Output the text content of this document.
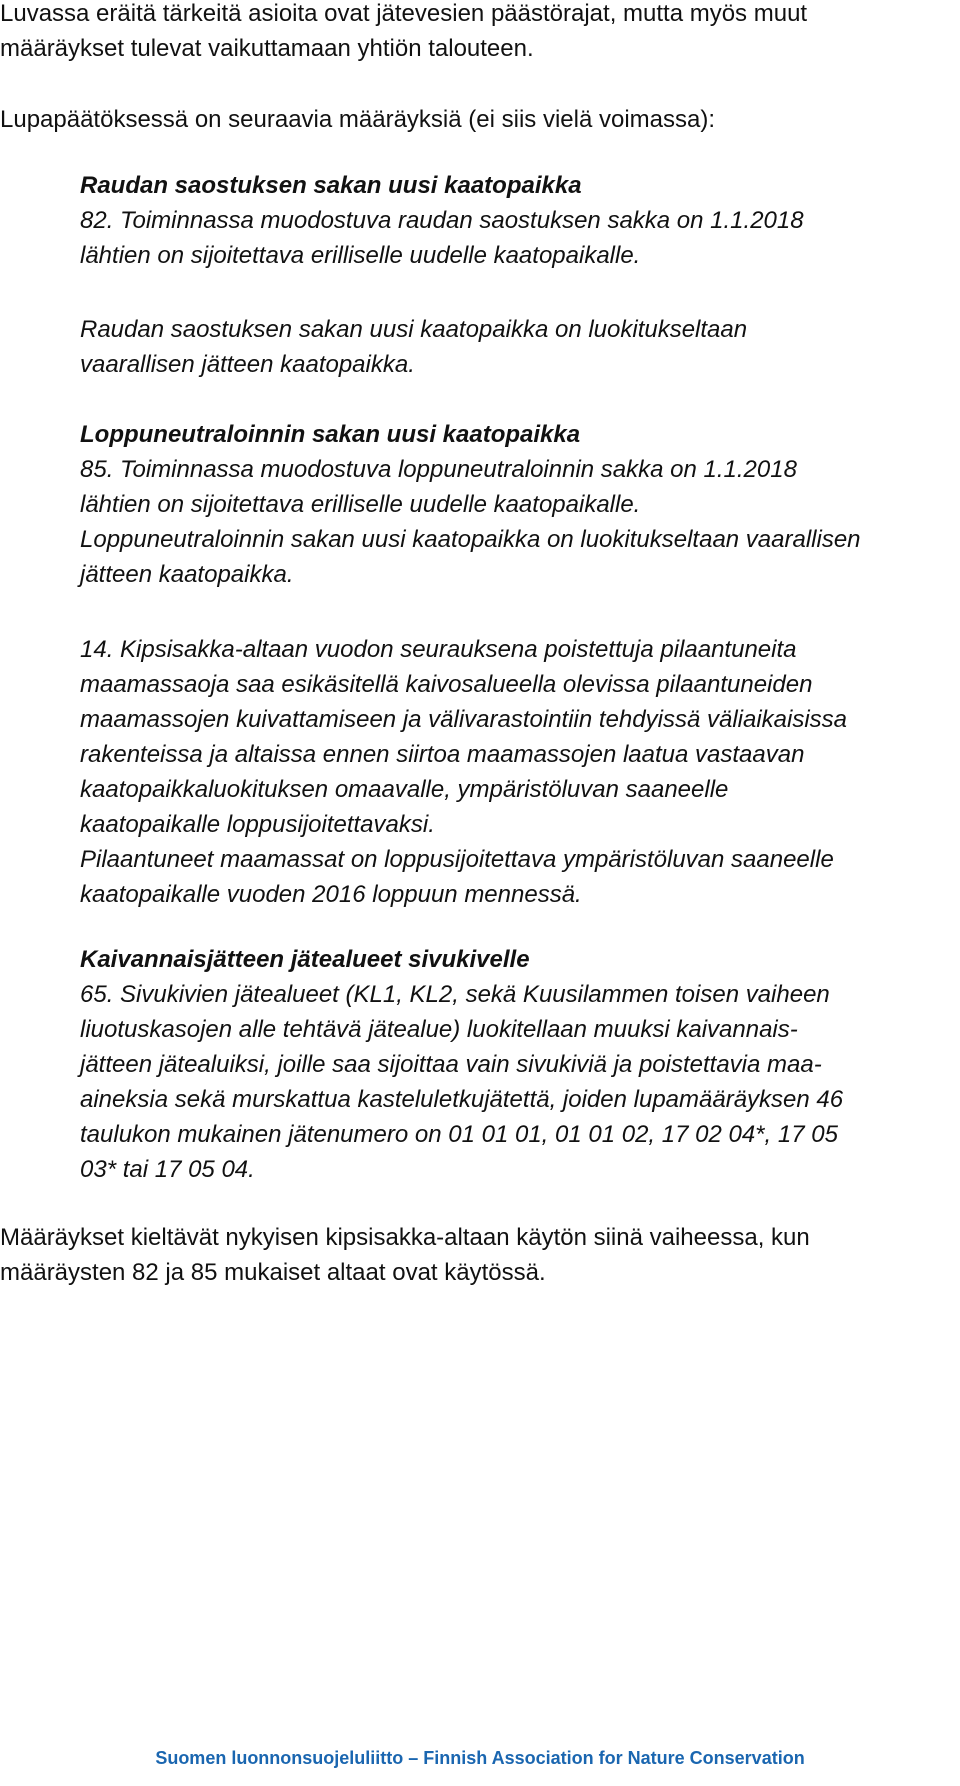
Luvassa eräitä tärkeitä asioita ovat jätevesien päästörajat, mutta myös muut
määräykset tulevat vaikuttamaan yhtiön talouteen.

Lupapäätöksessä on seuraavia määräyksiä (ei siis vielä voimassa):

Raudan saostuksen sakan uusi kaatopaikka
82. Toiminnassa muodostuva raudan saostuksen sakka on 1.1.2018
lähtien on sijoitettava erilliselle uudelle kaatopaikalle.
Raudan saostuksen sakan uusi kaatopaikka on luokitukseltaan
vaarallisen jätteen kaatopaikka.
Loppuneutraloinnin sakan uusi kaatopaikka
85. Toiminnassa muodostuva loppuneutraloinnin sakka on 1.1.2018
lähtien on sijoitettava erilliselle uudelle kaatopaikalle.
Loppuneutraloinnin sakan uusi kaatopaikka on luokitukseltaan vaarallisen
jätteen kaatopaikka.
14. Kipsisakka-altaan vuodon seurauksena poistettuja pilaantuneita
maamassaoja saa esikäsitellä kaivosalueella olevissa pilaantuneiden
maamassojen kuivattamiseen ja välivarastointiin tehdyissä väliaikaisissa
rakenteissa ja altaissa ennen siirtoa maamassojen laatua vastaavan
kaatopaikkaluokituksen omaavalle, ympäristöluvan saaneelle
kaatopaikalle loppusijoitettavaksi.
Pilaantuneet maamassat on loppusijoitettava ympäristöluvan saaneelle
kaatopaikalle vuoden 2016 loppuun mennessä.
Kaivannaisjätteen jätealueet sivukivelle
65. Sivukivien jätealueet (KL1, KL2, sekä Kuusilammen toisen vaiheen
liuotuskasojen alle tehtävä jätealue) luokitellaan muuksi kaivannais-
jätteen jätealuiksi, joille saa sijoittaa vain sivukiviä ja poistettavia maa-
aineksia sekä murskattua kasteluletkujätettä, joiden lupamääräyksen 46
taulukon mukainen jätenumero on 01 01 01, 01 01 02, 17 02 04*, 17 05
03* tai 17 05 04.

Määräykset kieltävät nykyisen kipsisakka-altaan käytön siinä vaiheessa, kun
määräysten 82 ja 85 mukaiset altaat ovat käytössä.

Suomen luonnonsuojeluliitto – Finnish Association for Nature Conservation
